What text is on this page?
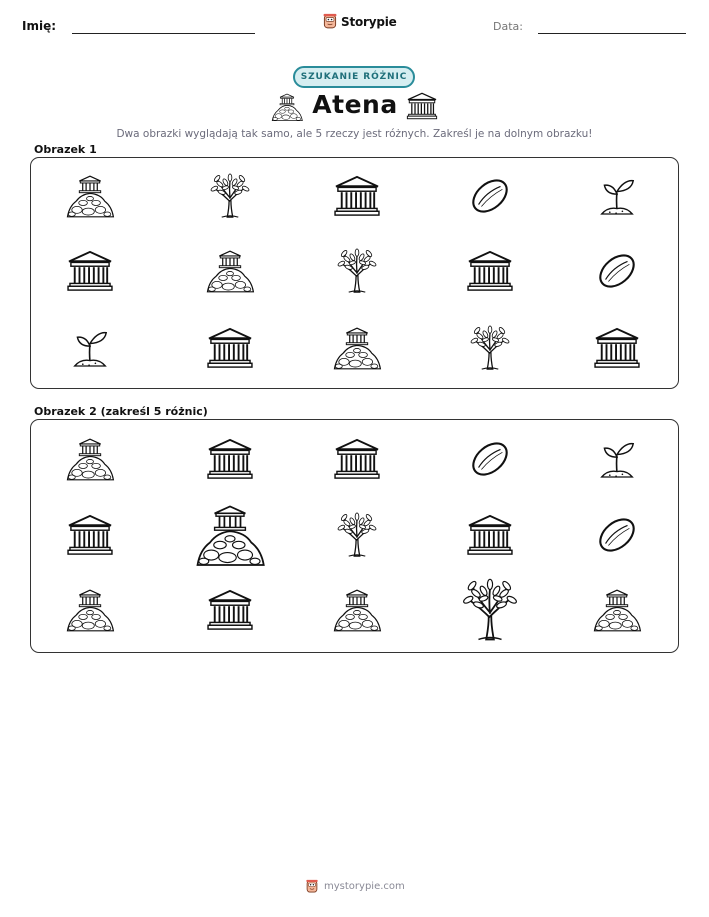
Imię:	Storypie	Data:
SZUKANIE RÓŻNIC
Atena
Dwa obrazki wyglądają tak samo, ale 5 rzeczy jest różnych. Zakreśl je na dolnym obrazku!
Obrazek 1
Obrazek 2 (zakreśl 5 różnic)
mystorypie.com
